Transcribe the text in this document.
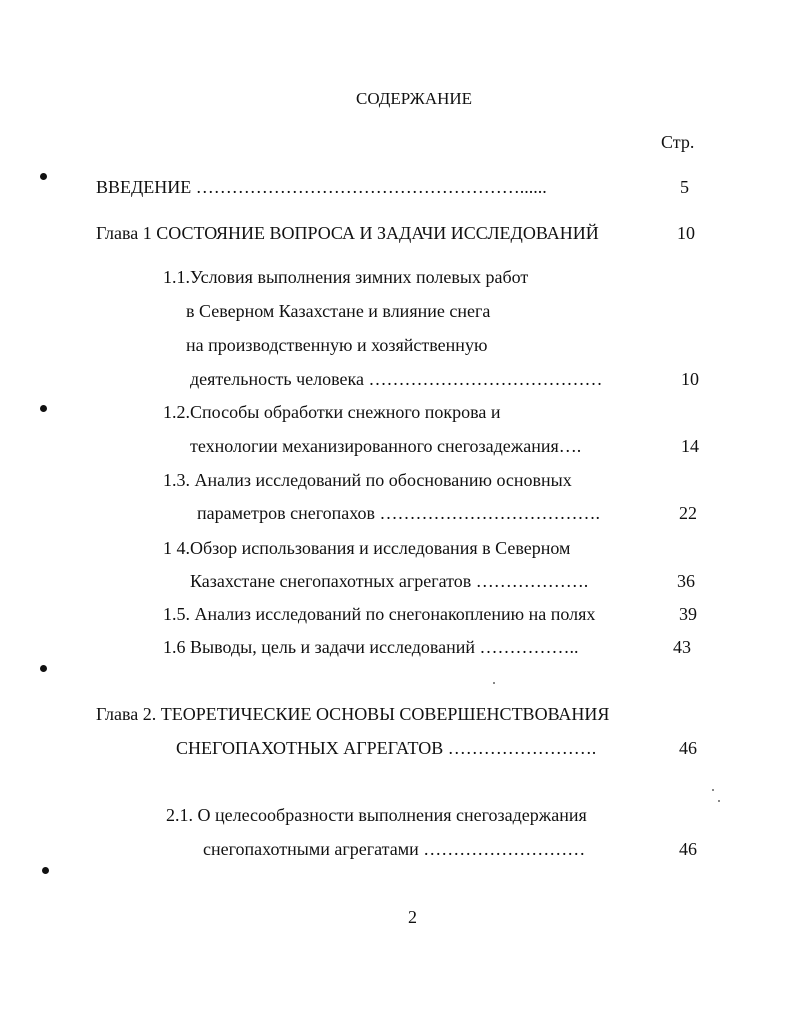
СОДЕРЖАНИЕ
Стр.
ВВЕДЕНИЕ ………………………………………………......	5
Глава 1 СОСТОЯНИЕ ВОПРОСА И ЗАДАЧИ ИССЛЕДОВАНИЙ	10
1.1.Условия выполнения зимних полевых работ
в Северном Казахстане и влияние снега
на производственную и хозяйственную
деятельность человека …………………………………	10
1.2.Способы обработки снежного покрова и
технологии механизированного снегозадежания….	14
1.3. Анализ исследований по обоснованию основных
параметров снегопахов ……………………………….	22
1 4.Обзор использования и исследования в Северном
Казахстане снегопахотных агрегатов ……………….	36
1.5. Анализ исследований по снегонакоплению на полях	39
1.6 Выводы, цель и задачи исследований ……………..	43
Глава 2. ТЕОРЕТИЧЕСКИЕ ОСНОВЫ СОВЕРШЕНСТВОВАНИЯ
СНЕГОПАХОТНЫХ АГРЕГАТОВ …………………….	46
2.1. О целесообразности выполнения снегозадержания
снегопахотными агрегатами ………………………	46
2
